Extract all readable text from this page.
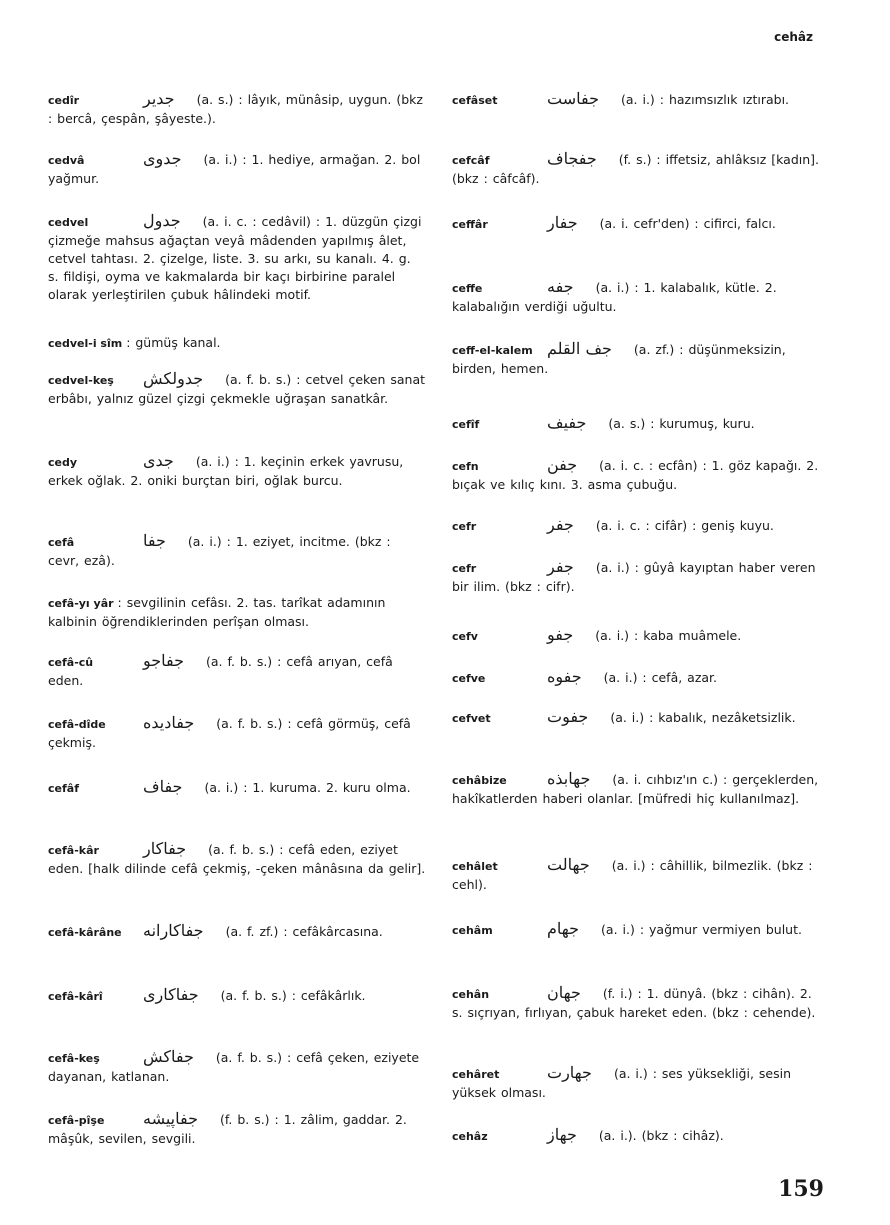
cehâz
cedîr	جدیر (a. s.) : lâyık, münâsip, uygun. (bkz : bercâ, çespân, şâyeste.).
cedvâ	جدوی (a. i.) : 1. hediye, armağan. 2. bol yağmur.
cedvel	جدول (a. i. c. : cedâvil) : 1. düzgün çizgi çizmeğe mahsus ağaçtan veyâ mâdenden yapılmış âlet, cetvel tahtası. 2. çizelge, liste. 3. su arkı, su kanalı. 4. g. s. fildişi, oyma ve kakmalarda bir kaçı birbirine paralel olarak yerleştirilen çubuk hâlindeki motif.
cedvel-i sîm : gümüş kanal.
cedvel-keş جدولکش (a. f. b. s.) : cetvel çeken sanat erbâbı, yalnız güzel çizgi çekmekle uğraşan sanatkâr.
cedy	جدی (a. i.) : 1. keçinin erkek yavrusu, erkek oğlak. 2. oniki burçtan biri, oğlak burcu.
cefâ	جفا (a. i.) : 1. eziyet, incitme. (bkz : cevr, ezâ).
cefâ-yı yâr : sevgilinin cefâsı. 2. tas. tarîkat adamının kalbinin öğrendiklerinden perîşan olması.
cefâ-cû	جفاجو (a. f. b. s.) : cefâ arıyan, cefâ eden.
cefâ-dîde جفادیده (a. f. b. s.) : cefâ görmüş, cefâ çekmiş.
cefâf	جفاف (a. i.) : 1. kuruma. 2. kuru olma.
cefâ-kâr	جفاکار (a. f. b. s.) : cefâ eden, eziyet eden. [halk dilinde cefâ çekmiş, -çeken mânâsına da gelir].
cefâ-kârâne جفاکارانه (a. f. zf.) : cefâkârcasına.
cefâ-kârî	جفاکاری (a. f. b. s.) : cefâkârlık.
cefâ-keş	جفاکش (a. f. b. s.) : cefâ çeken, eziyete dayanan, katlanan.
cefâ-pîşe جفاپیشه (f. b. s.) : 1. zâlim, gaddar. 2. mâşûk, sevilen, sevgili.
cefâset	جفاست (a. i.) : hazımsızlık ıztırabı.
cefcâf	جفجاف (f. s.) : iffetsiz, ahlâksız [kadın]. (bkz : câfcâf).
ceffâr	جفار (a. i. cefr'den) : cifirci, falcı.
ceffe	جفه (a. i.) : 1. kalabalık, kütle. 2. kalabalığın verdiği uğultu.
ceff-el-kalem جف القلم (a. zf.) : düşünmeksizin, birden, hemen.
cefîf	جفیف (a. s.) : kurumuş, kuru.
cefn	جفن (a. i. c. : ecfân) : 1. göz kapağı. 2. bıçak ve kılıç kını. 3. asma çubuğu.
cefr	جفر (a. i. c. : cifâr) : geniş kuyu.
cefr	جفر (a. i.) : gûyâ kayıptan haber veren bir ilim. (bkz : cifr).
cefv	جفو (a. i.) : kaba muâmele.
cefve	جفوه (a. i.) : cefâ, azar.
cefvet	جفوت (a. i.) : kabalık, nezâketsizlik.
cehâbize	جهابذه (a. i. cıhbız'ın c.) : gerçeklerden, hakîkatlerden haberi olanlar. [müfredi hiç kullanılmaz].
cehâlet	جهالت (a. i.) : câhillik, bilmezlik. (bkz : cehl).
cehâm	جهام (a. i.) : yağmur vermiyen bulut.
cehân	جهان (f. i.) : 1. dünyâ. (bkz : cihân). 2. s. sıçrıyan, fırlıyan, çabuk hareket eden. (bkz : cehende).
cehâret	جهارت (a. i.) : ses yüksekliği, sesin yüksek olması.
cehâz	جهاز (a. i.). (bkz : cihâz).
159
